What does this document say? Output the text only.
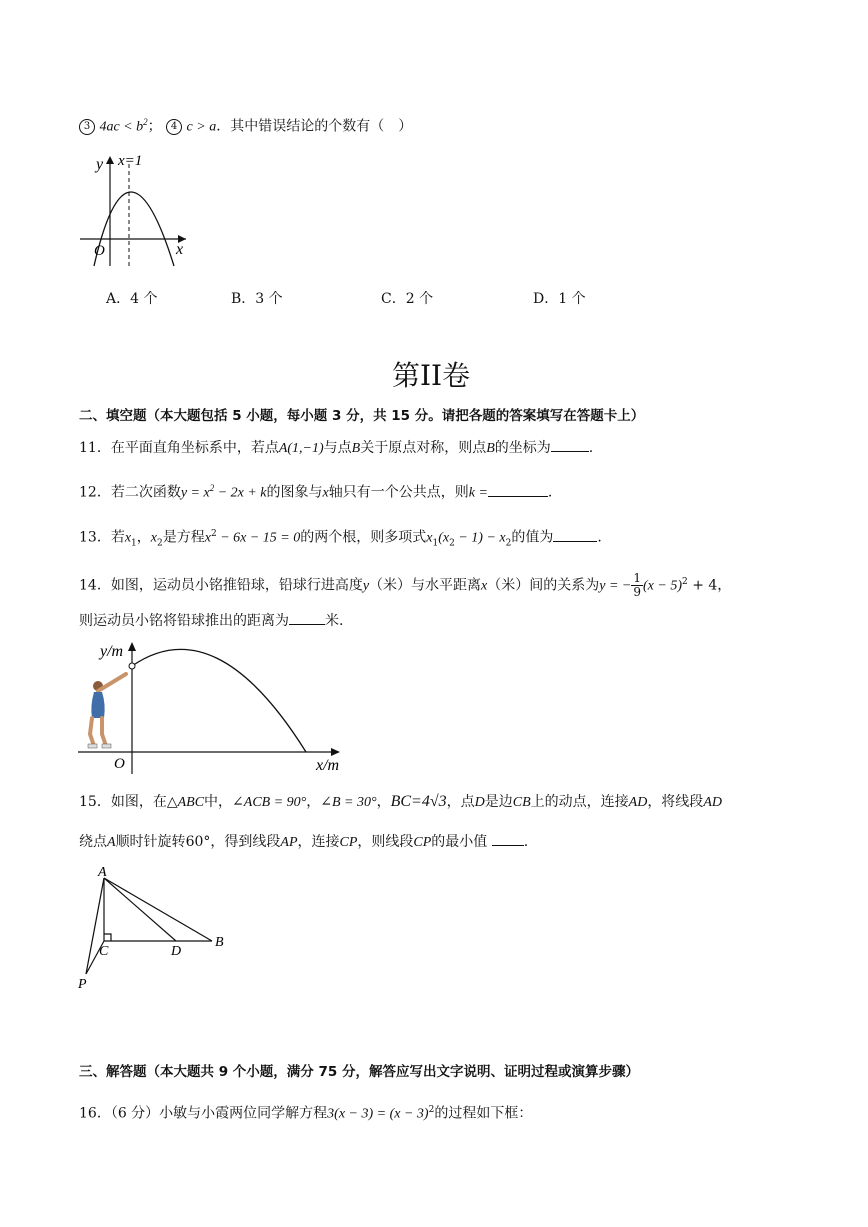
3 $4ac < b^2$； 4 c > a．其中错误结论的个数有（　）
y x=1
O	x
A．4 个	B．3 个	C．2 个	D．1 个
第II卷
二、填空题（本大题包括 5 小题，每小题 3 分，共 15 分。请把各题的答案填写在答题卡上）
11．在平面直角坐标系中，若点A(1,−1)与点B关于原点对称，则点B的坐标为	.
12．若二次函数$y = x^2 - 2x + k$的图象与x轴只有一个公共点，则k =	.
13．若$x_1$，$x_2$是方程$x^2 - 6x - 15 = 0$的两个根，则多项式$x_1(x_2 - 1) - x_2$的值为	.
14．如图，运动员小铭推铅球，铅球行进高度y（米）与水平距离x（米）间的关系为y = − $\frac{1}{9} (x - 5)^2 + 4$，
则运动员小铭将铅球推出的距离为	米.
y/m
O	x/m
15．如图，在△ABC中，∠ACB = 90°，∠B = 30°，BC=4√3，点D是边CB上的动点，连接AD，将线段AD
绕点A顺时针旋转60°，得到线段AP，连接CP，则线段CP的最小值	.
A
B
C	D
P
三、解答题（本大题共 9 个小题，满分 75 分，解答应写出文字说明、证明过程或演算步骤）
16．（6 分）小敏与小霞两位同学解方程$3(x - 3) = (x - 3)^2$的过程如下框：
